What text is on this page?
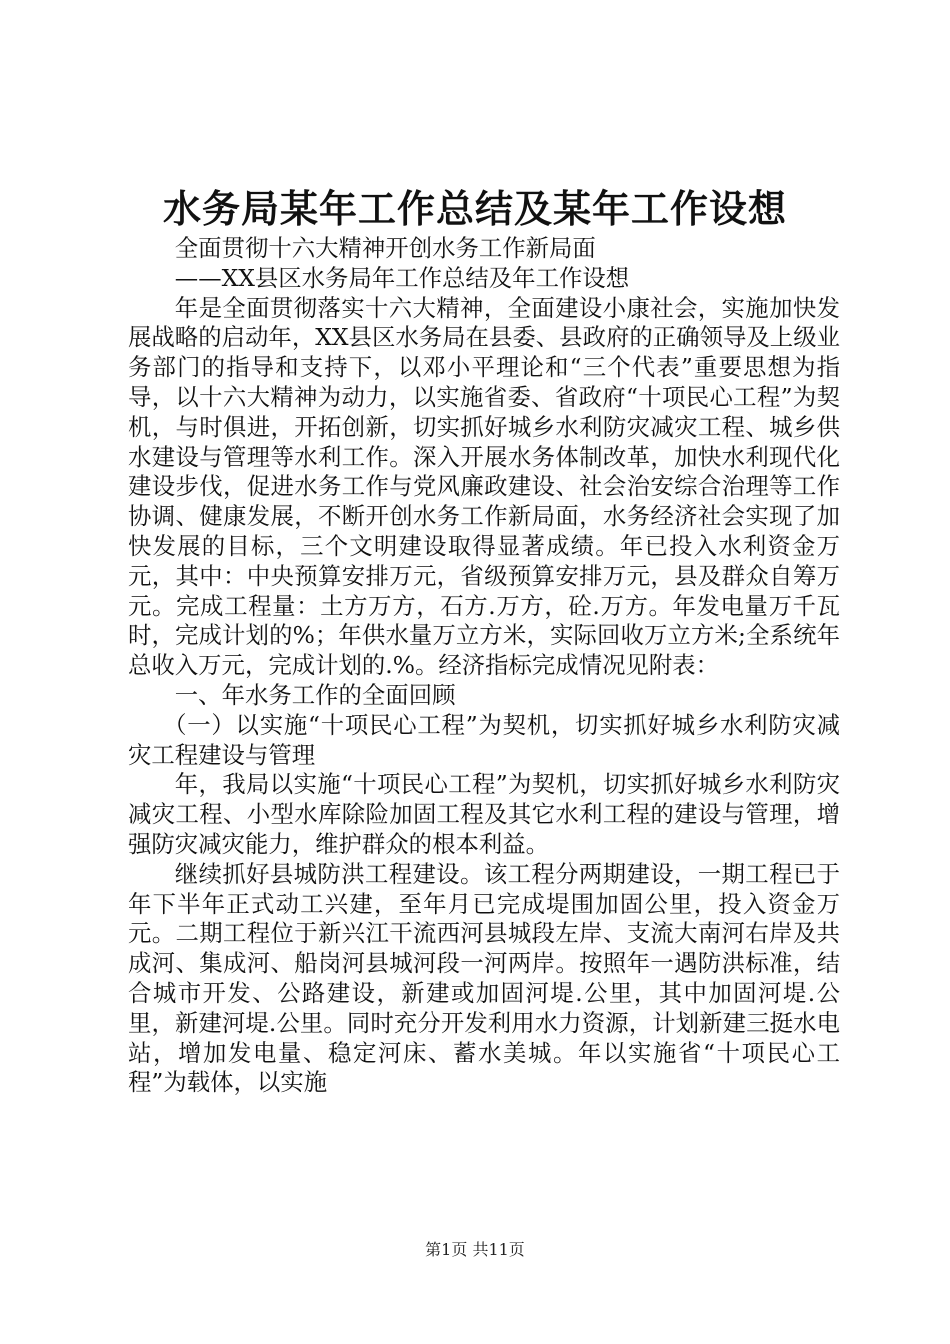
水务局某年工作总结及某年工作设想

全面贯彻十六大精神开创水务工作新局面

——XX县区水务局年工作总结及年工作设想

年是全面贯彻落实十六大精神，全面建设小康社会，实施加快发展战略的启动年，XX县区水务局在县委、县政府的正确领导及上级业务部门的指导和支持下，以邓小平理论和“三个代表”重要思想为指导，以十六大精神为动力，以实施省委、省政府“十项民心工程”为契机，与时俱进，开拓创新，切实抓好城乡水利防灾减灾工程、城乡供水建设与管理等水利工作。深入开展水务体制改革，加快水利现代化建设步伐，促进水务工作与党风廉政建设、社会治安综合治理等工作协调、健康发展，不断开创水务工作新局面，水务经济社会实现了加快发展的目标，三个文明建设取得显著成绩。年已投入水利资金万元，其中：中央预算安排万元，省级预算安排万元，县及群众自筹万元。完成工程量：土方万方，石方.万方，砼.万方。年发电量万千瓦时，完成计划的%；年供水量万立方米，实际回收万立方米;全系统年总收入万元，完成计划的.%。经济指标完成情况见附表：

一、年水务工作的全面回顾

（一）以实施“十项民心工程”为契机，切实抓好城乡水利防灾减灾工程建设与管理

年，我局以实施“十项民心工程”为契机，切实抓好城乡水利防灾减灾工程、小型水库除险加固工程及其它水利工程的建设与管理，增强防灾减灾能力，维护群众的根本利益。

继续抓好县城防洪工程建设。该工程分两期建设，一期工程已于年下半年正式动工兴建，至年月已完成堤围加固公里，投入资金万元。二期工程位于新兴江干流西河县城段左岸、支流大南河右岸及共成河、集成河、船岗河县城河段一河两岸。按照年一遇防洪标准，结合城市开发、公路建设，新建或加固河堤.公里，其中加固河堤.公里，新建河堤.公里。同时充分开发利用水力资源，计划新建三挺水电站，增加发电量、稳定河床、蓄水美城。年以实施省“十项民心工程”为载体，以实施

第1页 共11页
